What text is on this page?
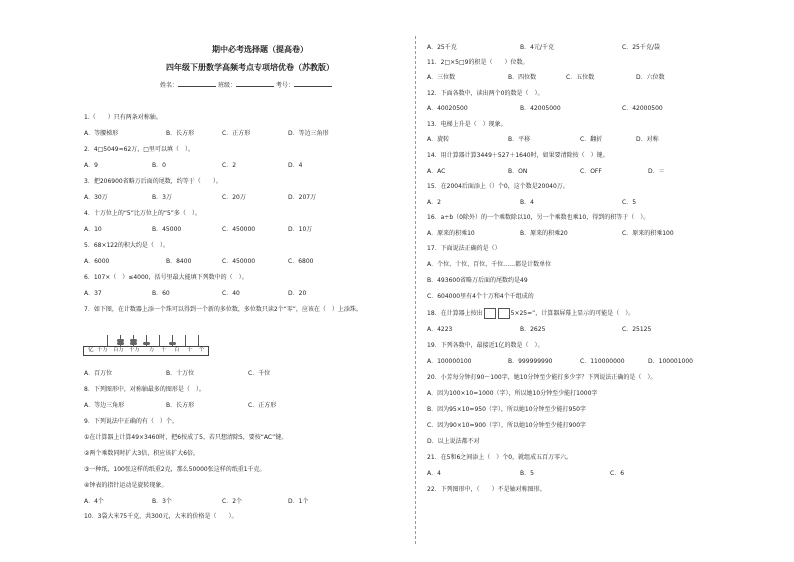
期中必考选择题（提高卷）
四年级下册数学高频考点专项培优卷（苏教版）
姓名：	班级：	考号：
1.（　　）只有两条对称轴。
A．等腰梯形	B．长方形	C．正方形	D．等边三角形
2．4□5049≈62万，□里可以填（　）。
A．9	B．0	C．2	D．4
3．把206900省略万后面的尾数，约等于（　　）。
A．30万	B．3万	C．20万	D．207万
4．十万位上的“5”比万位上的“5”多（　）。
A．10	B．45000	C．450000	D．10万
5．68×122的积大约是（　）。
A．6000	B．8400	C．450000	C．6800
6．107×（　）≤4000，括号里最大能填下列数中的（　）。
A．37	B．60	C．40	D．20
7．如下图，在计数器上添一个珠可以得到一个新的多位数，多位数只读2个“零”，应该在（　）上添珠。
亿 千万 百万 十万 万 千 百 十 个
A．百万位	B．十万位	C．千位
8．下列图形中，对称轴最多的图形是（　）。
A．等边三角形	B．长方形	C．正方形
9．下列说法中正确的有（　）个。
①在计算器上计算49×3460时，把6按成了5，若只想清除5，要按“AC”键。
②两个乘数同时扩大3倍，积应该扩大6倍。
③一种纸，100张这样的纸重2克，那么50000张这样的纸重1千克。
④钟表的指针运动是旋转现象。
A．4个	B．3个	C．2个	D．1个
10．3袋大米75千克，共300元，大米的价格是（　　）。
A．25千克	B．4元/千克	C．25千克/袋
11．2□×5□9的积是（　　）位数。
A．三位数	B．四位数	C．五位数	D．六位数
12．下面各数中，读出两个0的数是（　）。
A．40020500	B．42005000	C．42000500
13．电梯上升是（　）现象。
A．旋转	B．平移	C．翻折	D．对称
14．用计算器计算3449＋527＋1640时，如果要清除按（　）键。
A．AC	B．ON	C．OFF	D．＝
15．在2004后面添上（）个0，这个数是20040万。
A．2	B．4	C．5
16．a÷b（0除外）的一个乘数除以10，另一个乘数也乘10，得到的积等于（　）。
A．原来的积乘10	B．原来的积乘20	C．原来的积乘100
17．下面说法正确的是（）
A．个位、十位、百位、千位……都是计数单位
B．493600省略万后面的尾数约是49
C．604000里有4个十万和4个千组成的
18．在计算器上按出	5×25=”，计算器屏幕上显示的可能是（　）。
A．4223	B．2625	C．25125
19．下列各数中，最接近1亿的数是（　）。
A．100000100	B．999999990	C．110000000	D．100001000
20．小芳每分钟打90～100字，她10分钟至少能打多少字？下列说法正确的是（　）。
A．因为100×10=1000（字），所以她10分钟至少能打1000字
B．因为95×10=950（字），所以她10分钟至少能打950字
C．因为90×10=900（字），所以她10分钟至少能打900字
D．以上说法都不对
21．在5和6之间添上（　）个0，就组成五百万零六。
A．4	B．5	C．6
22．下列图形中，（　　）不是轴对称图形。
